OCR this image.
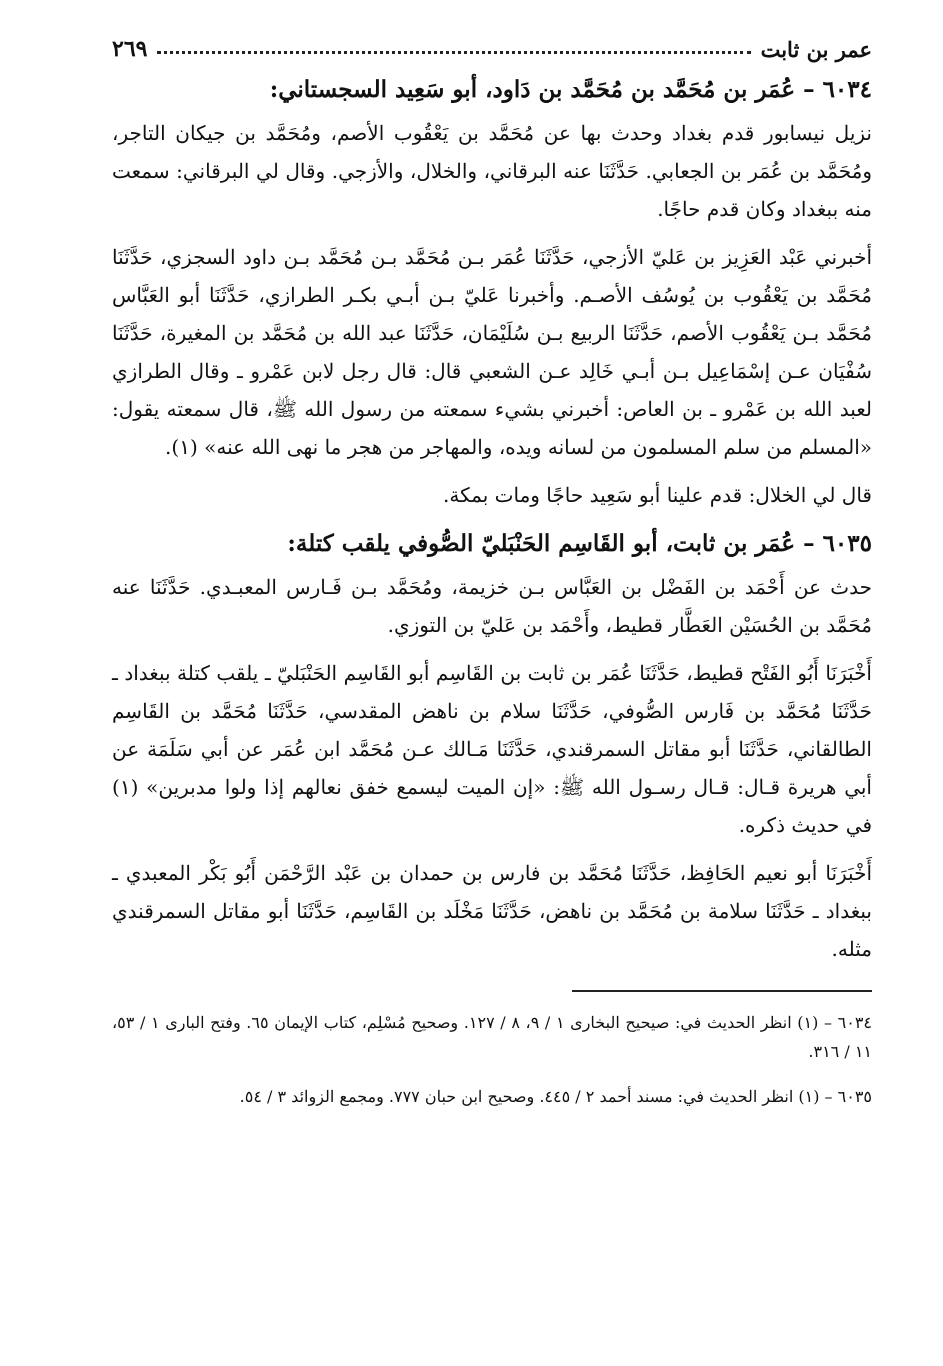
عمر بن ثابت
٢٦٩
٦٠٣٤ – عُمَر بن مُحَمَّد بن مُحَمَّد بن دَاود، أبو سَعِيد السجستاني:

نزيل نيسابور قدم بغداد وحدث بها عن مُحَمَّد بن يَعْقُوب الأصم، ومُحَمَّد بن جيكان التاجر، ومُحَمَّد بن عُمَر بن الجعابي. حَدَّثَنَا عنه البرقاني، والخلال، والأزجي. وقال لي البرقاني: سمعت منه ببغداد وكان قدم حاجًا.

أخبرني عَبْد العَزِيز بن عَليّ الأزجي، حَدَّثَنَا عُمَر بـن مُحَمَّد بـن مُحَمَّد بـن داود السجزي، حَدَّثَنَا مُحَمَّد بن يَعْقُوب بن يُوسُف الأصـم. وأخبرنا عَليّ بـن أبـي بكـر الطرازي، حَدَّثَنَا أبو العَبَّاس مُحَمَّد بـن يَعْقُوب الأصم، حَدَّثَنَا الربيع بـن سُلَيْمَان، حَدَّثَنَا عبد الله بن مُحَمَّد بن المغيرة، حَدَّثَنَا سُفْيَان عـن إسْمَاعِيل بـن أبـي خَالِد عـن الشعبي قال: قال رجل لابن عَمْرو ـ وقال الطرازي لعبد الله بن عَمْرو ـ بن العاص: أخبرني بشيء سمعته من رسول الله ﷺ، قال سمعته يقول: «المسلم من سلم المسلمون من لسانه ويده، والمهاجر من هجر ما نهى الله عنه» (١).

قال لي الخلال: قدم علينا أبو سَعِيد حاجًا ومات بمكة.

٦٠٣٥ – عُمَر بن ثابت، أبو القَاسِم الحَنْبَليّ الصُّوفي يلقب كتلة:

حدث عن أَحْمَد بن الفَضْل بن العَبَّاس بـن خزيمة، ومُحَمَّد بـن فَـارس المعبـدي. حَدَّثَنَا عنه مُحَمَّد بن الحُسَيْن العَطَّار قطيط، وأَحْمَد بن عَليّ بن التوزي.

أَخْبَرَنَا أَبُو الفَتْح قطيط، حَدَّثَنَا عُمَر بن ثابت بن القَاسِم أبو القَاسِم الحَنْبَليّ ـ يلقب كتلة ببغداد ـ حَدَّثَنَا مُحَمَّد بن فَارس الصُّوفي، حَدَّثَنَا سلام بن ناهض المقدسي، حَدَّثَنَا مُحَمَّد بن القَاسِم الطالقاني، حَدَّثَنَا أبو مقاتل السمرقندي، حَدَّثَنَا مَـالك عـن مُحَمَّد ابن عُمَر عن أبي سَلَمَة عن أبي هريرة قـال: قـال رسـول الله ﷺ: «إن الميت ليسمع خفق نعالهم إذا ولوا مدبرين» (١) في حديث ذكره.

أَخْبَرَنَا أبو نعيم الحَافِظ، حَدَّثَنَا مُحَمَّد بن فارس بن حمدان بن عَبْد الرَّحْمَن أَبُو بَكْر المعبدي ـ ببغداد ـ حَدَّثَنَا سلامة بن مُحَمَّد بن ناهض، حَدَّثَنَا مَخْلَد بن القَاسِم، حَدَّثَنَا أبو مقاتل السمرقندي مثله.

٦٠٣٤ – (١) انظر الحديث في: صيحيح البخارى ١ / ٩، ٨ / ١٢٧. وصحيح مُسْلِم، كتاب الإيمان ٦٥. وفتح البارى ١ / ٥٣، ١١ / ٣١٦.

٦٠٣٥ – (١) انظر الحديث في: مسند أحمد ٢ / ٤٤٥. وصحيح ابن حبان ٧٧٧. ومجمع الزوائد ٣ / ٥٤.
